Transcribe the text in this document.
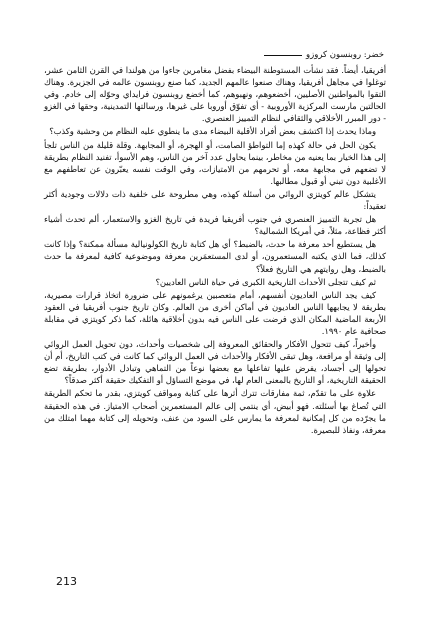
خضر: روبنسون كروزو

أفريقيا، أيضاً. فقد نشأت المستوطنة البيضاء بفضل مغامرين جاءوا من هولندا في القرن الثامن عشر، توغلوا في مجاهل أفريقيا، وهناك صنعوا عالمهم الجديد، كما صنع روبنسون عالمه في الجزيرة. وهناك التقوا بالمواطنين الأصليين، أخضعوهم، ونهبوهم، كما أخضع روبنسون فرايداي وحوّله إلى خادم. وفي الحالتين مارست المركزية الأوروبية - أي تفوّق أوروبا على غيرها، ورسالتها التمدينية، وحقها في الغزو - دور المبرر الأخلاقي والثقافي لنظام التمييز العنصري.

وماذا يحدث إذا اكتشف بعض أفراد الأقلية البيضاء مدى ما ينطوي عليه النظام من وحشية وكذب؟

يكون الحل في حالة كهذه إما التواطؤ الصامت، أو الهجرة، أو المجابهة. وقلة قليلة من الناس تلجأ إلى هذا الخيار بما يعنيه من مخاطر، بينما يحاول عدد آخر من الناس، وهم الأسوأ، تفنيد النظام بطريقة لا تضعهم في مجابهة معه، أو تحرمهم من الامتيازات، وفي الوقت نفسه يعبّرون عن تعاطفهم مع الأغلبية دون تبني أو قبول مطالبها.

يتشكل عالم كويتزي الروائي من أسئلة كهذه، وهي مطروحة على خلفية ذات دلالات وجودية أكثر تعقيداً:

هل تجربة التمييز العنصري في جنوب أفريقيا فريدة في تاريخ الغزو والاستعمار، ألم تحدث أشياء أكثر فظاعة، مثلاً، في أمريكا الشمالية؟

هل يستطيع أحد معرفة ما حدث، بالضبط؟ أي هل كتابة تاريخ الكولونيالية مسألة ممكنة؟ وإذا كانت كذلك، فما الذي يكتبه المستعمرون، أو لدى المستعمَرين معرفة وموضوعية كافية لمعرفة ما حدث بالضبط، وهل روايتهم هي التاريخ فعلاً؟

ثم كيف تتجلى الأحداث التاريخية الكبرى في حياة الناس العاديين؟

كيف يجد الناس العاديون أنفسهم، أمام متعصبين يرغمونهم على ضرورة اتخاذ قرارات مصيرية، بطريقة لا يجابهها الناس العاديون في أماكن أخرى من العالم. وكان تاريخ جنوب أفريقيا في العقود الأربعة الماضية المكان الذي فرضت على الناس فيه بدون أخلاقية هائلة، كما ذكر كويتزي في مقابلة صحافية عام ١٩٩٠.

وأخيراً، كيف تتحول الأفكار والحقائق المعروفة إلى شخصيات وأحداث، دون تحويل العمل الروائي إلى وثيقة أو مرافعة، وهل تبقى الأفكار والأحداث في العمل الروائي كما كانت في كتب التاريخ، أم أن تحولها إلى أجساد، يفرض عليها تفاعلها مع بعضها نوعاً من التماهي وتبادل الأدوار، بطريقة تضع الحقيقة التاريخية، أو التاريخ بالمعنى العام لها، في موضع التساؤل أو التفكيك حقيقة أكثر صدقاً؟

علاوة على ما تقدّم، ثمة مفارقات تترك أثرها على كتابة ومواقف كويتزي، بقدر ما تحكم الطريقة التي تُصاغ بها أسئلته. فهو أبيض، أي ينتمي إلى عالم المستعمرين أصحاب الامتياز. في هذه الحقيقة ما يجرّده من كل إمكانية لمعرفة ما يمارس على السود من عنف، وتحويله إلى كتابة مهما امتلك من معرفة، ونفاذ للبصيرة.

213
